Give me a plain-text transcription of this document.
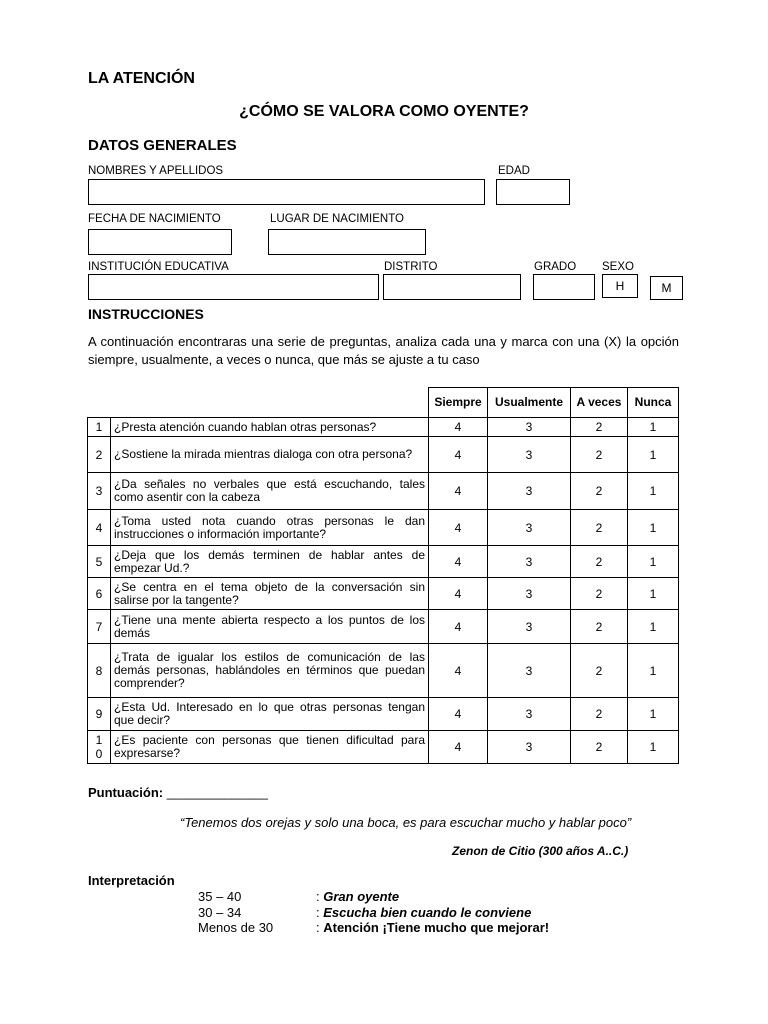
LA ATENCIÓN
¿CÓMO SE VALORA COMO OYENTE?
DATOS GENERALES
NOMBRES Y APELLIDOS	EDAD
FECHA DE NACIMIENTO	LUGAR DE NACIMIENTO
INSTITUCIÓN EDUCATIVA	DISTRITO	GRADO SEXO
H	M
INSTRUCCIONES
A continuación encontraras una serie de preguntas, analiza cada una y marca con una (X) la opción siempre, usualmente, a veces o nunca, que más se ajuste a tu caso
		Siempre	Usualmente	A veces	Nunca
1	¿Presta atención cuando hablan otras personas?	4	3	2	1
2	¿Sostiene la mirada mientras dialoga con otra persona?	4	3	2	1
3	¿Da señales no verbales que está escuchando, tales como asentir con la cabeza	4	3	2	1
4	¿Toma usted nota cuando otras personas le dan instrucciones o información importante?	4	3	2	1
5	¿Deja que los demás terminen de hablar antes de empezar Ud.?	4	3	2	1
6	¿Se centra en el tema objeto de la conversación sin salirse por la tangente?	4	3	2	1
7	¿Tiene una mente abierta respecto a los puntos de los demás	4	3	2	1
8	¿Trata de igualar los estilos de comunicación de las demás personas, hablándoles en términos que puedan comprender?	4	3	2	1
9	¿Esta Ud. Interesado en lo que otras personas tengan que decir?	4	3	2	1
10	¿Es paciente con personas que tienen dificultad para expresarse?	4	3	2	1
Puntuación: ______________
“Tenemos dos orejas y solo una boca, es para escuchar mucho y hablar poco”
Zenon de Citio (300 años A..C.)
Interpretación
35 – 40	: Gran oyente
30 – 34	: Escucha bien cuando le conviene
Menos de 30	: Atención ¡Tiene mucho que mejorar!
